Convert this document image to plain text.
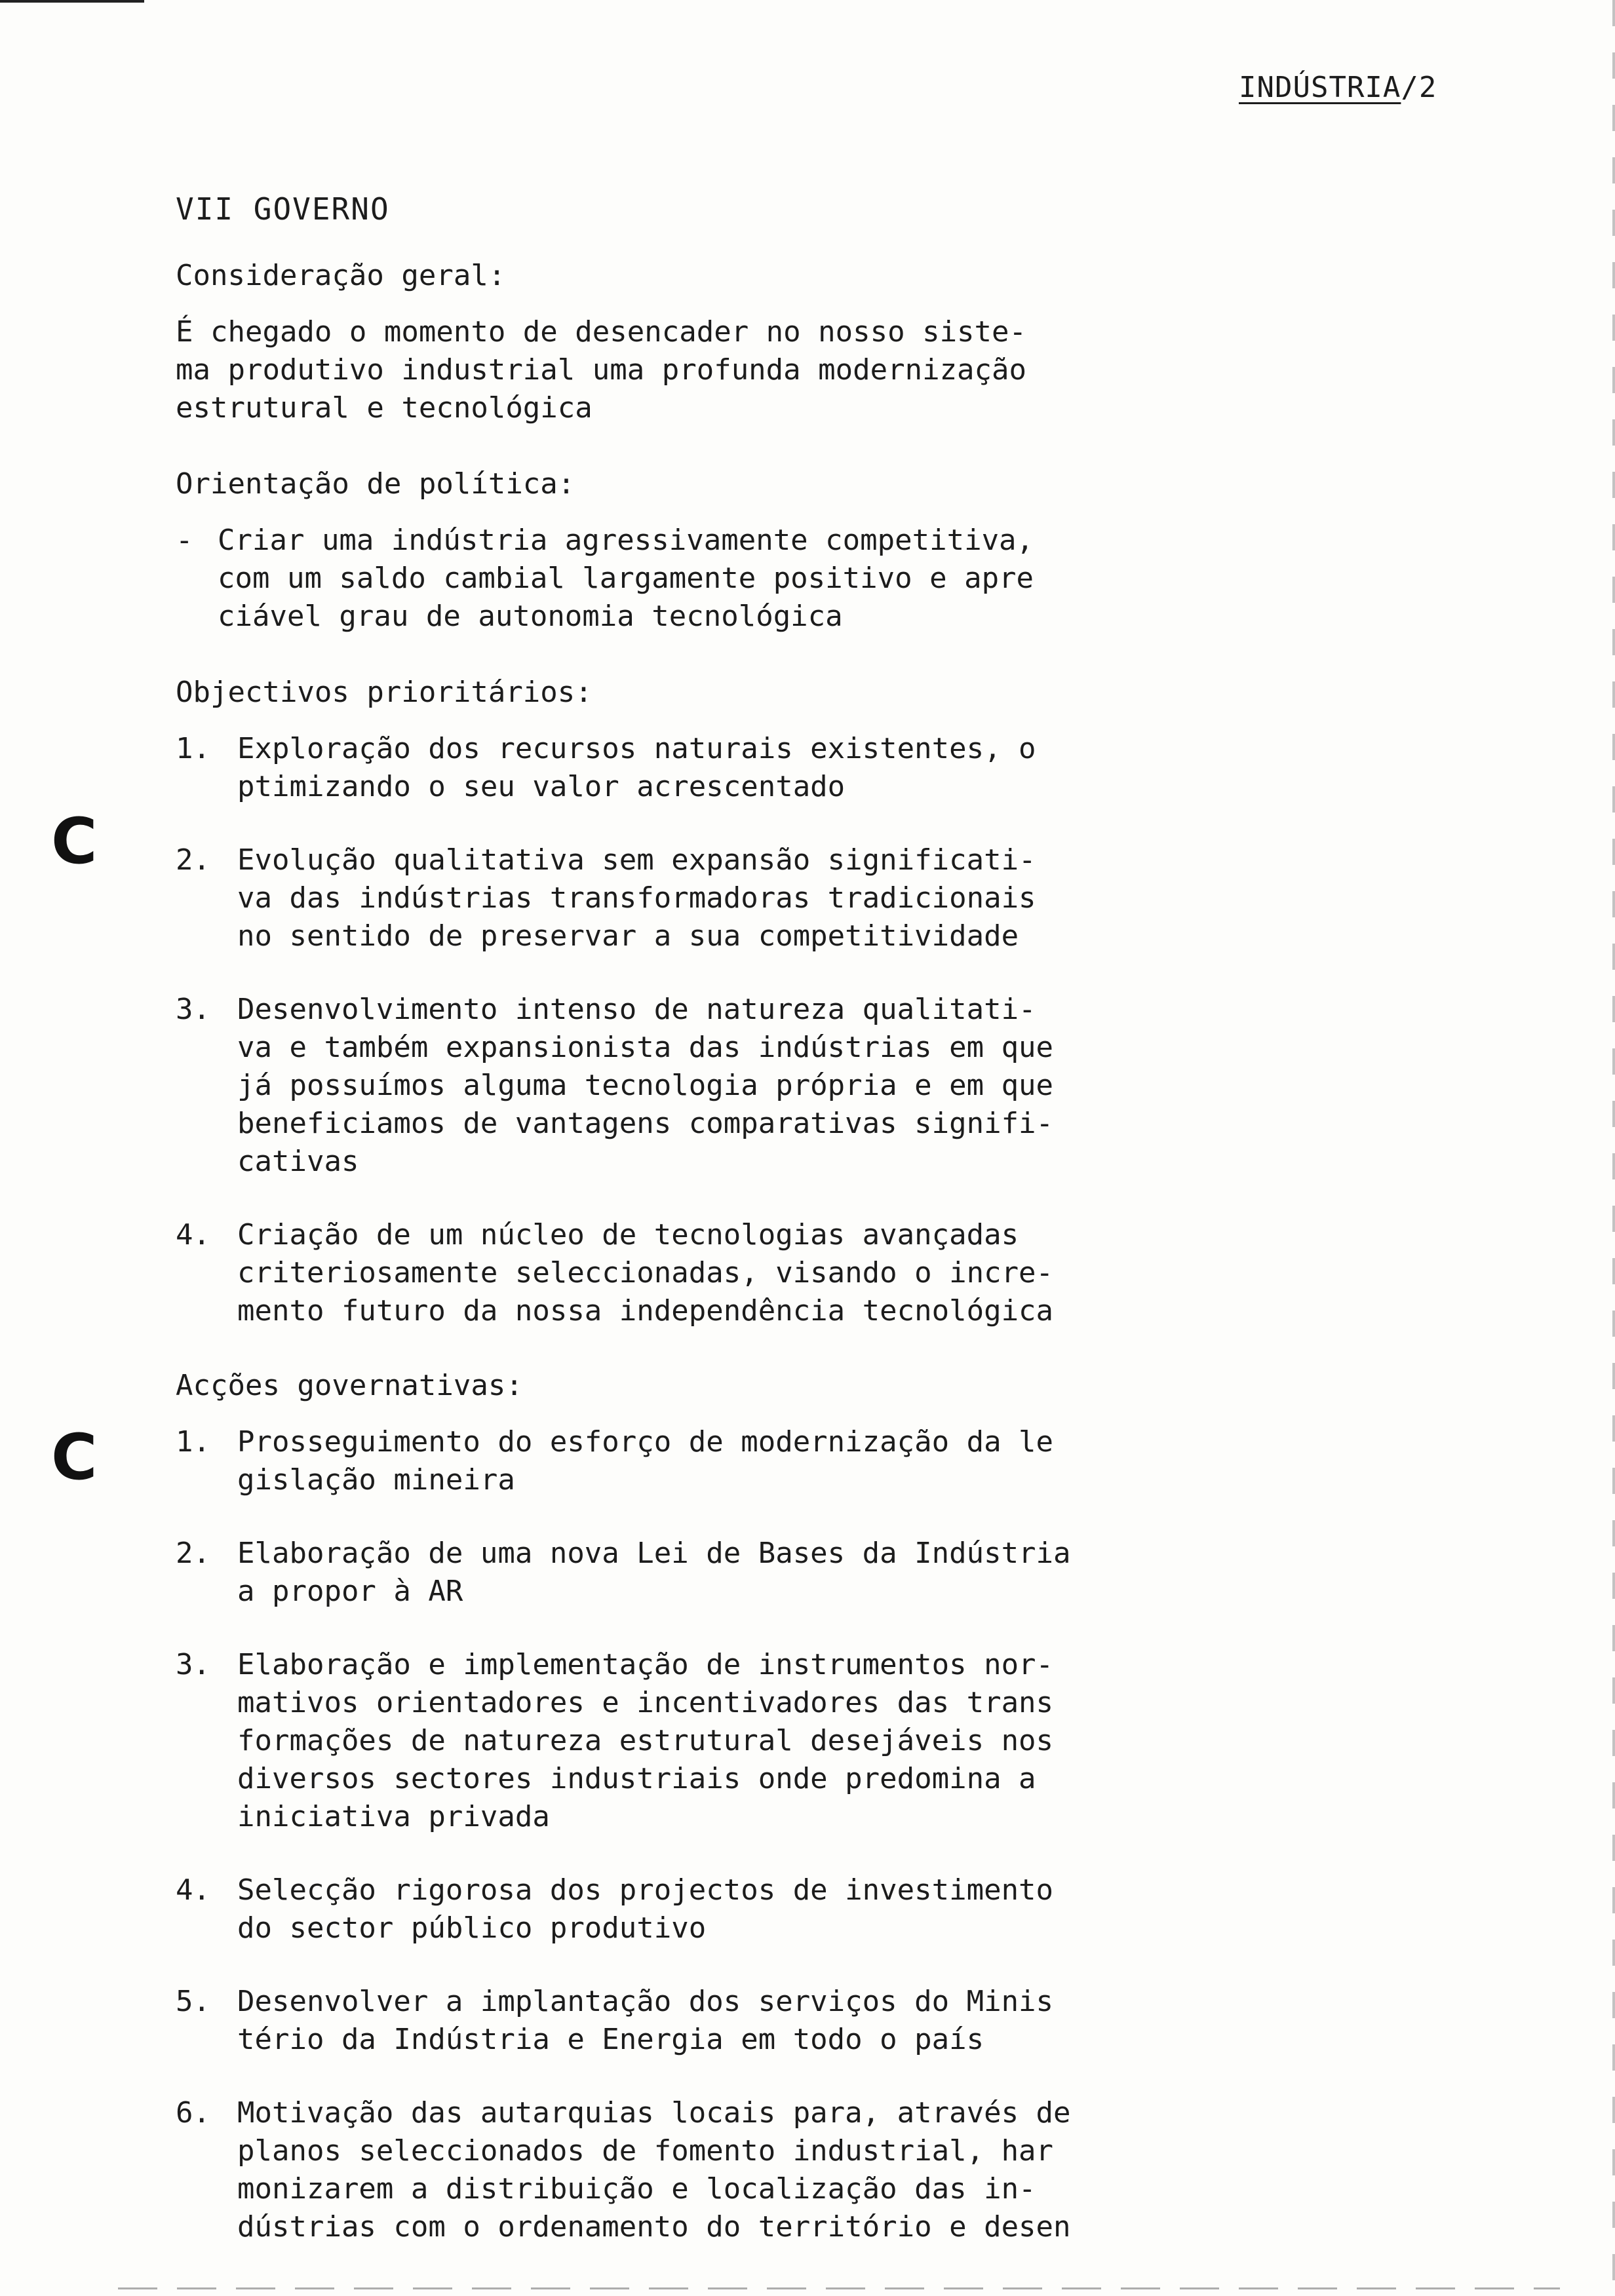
INDÚSTRIA/2
C
C
VII GOVERNO
Consideração geral:
É chegado o momento de desencader no nosso siste-
ma produtivo industrial uma profunda modernização
estrutural e tecnológica
Orientação de política:
- Criar uma indústria agressivamente competitiva,
com um saldo cambial largamente positivo e apre
ciável grau de autonomia tecnológica
Objectivos prioritários:
1. Exploração dos recursos naturais existentes, o
ptimizando o seu valor acrescentado
2. Evolução qualitativa sem expansão significati-
va das indústrias transformadoras tradicionais
no sentido de preservar a sua competitividade
3. Desenvolvimento intenso de natureza qualitati-
va e também expansionista das indústrias em que
já possuímos alguma tecnologia própria e em que
beneficiamos de vantagens comparativas signifi-
cativas
4. Criação de um núcleo de tecnologias avançadas
criteriosamente seleccionadas, visando o incre-
mento futuro da nossa independência tecnológica
Acções governativas:
1. Prosseguimento do esforço de modernização da le
gislação mineira
2. Elaboração de uma nova Lei de Bases da Indústria
a propor à AR
3. Elaboração e implementação de instrumentos nor-
mativos orientadores e incentivadores das trans
formações de natureza estrutural desejáveis nos
diversos sectores industriais onde predomina a
iniciativa privada
4. Selecção rigorosa dos projectos de investimento
do sector público produtivo
5. Desenvolver a implantação dos serviços do Minis
tério da Indústria e Energia em todo o país
6. Motivação das autarquias locais para, através de
planos seleccionados de fomento industrial, har
monizarem a distribuição e localização das in-
dústrias com o ordenamento do território e desen
